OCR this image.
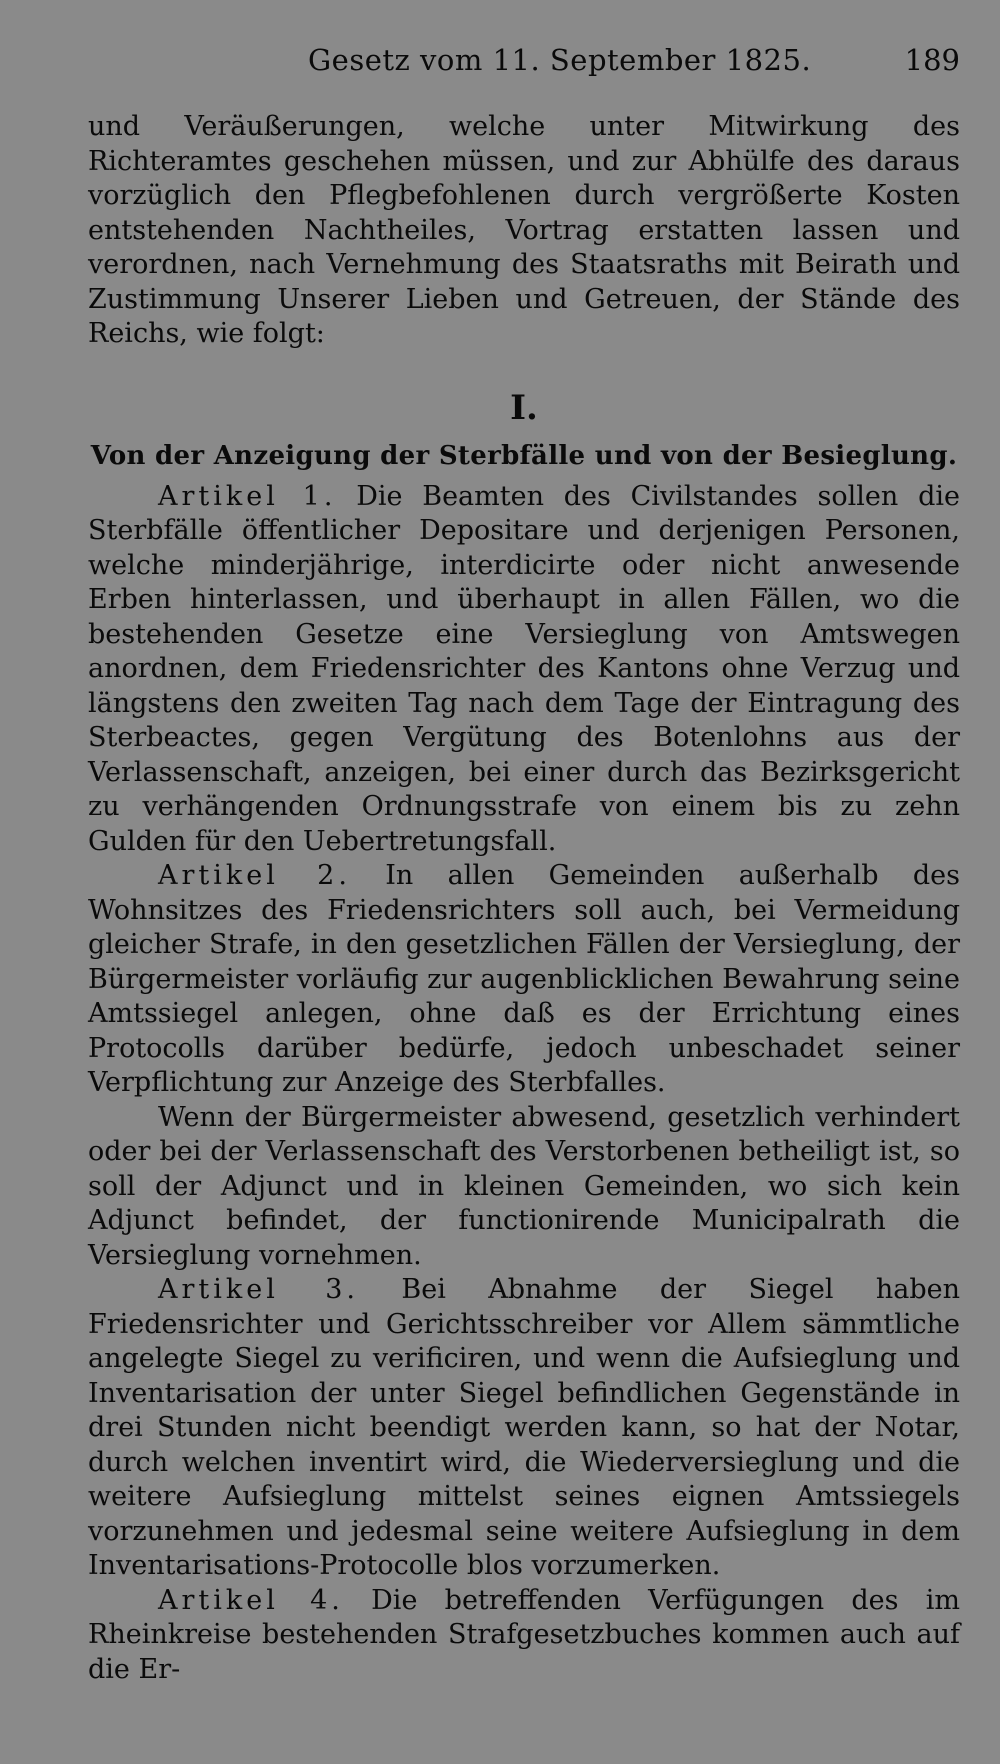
Gesetz vom 11. September 1825.	189

und Veräußerungen, welche unter Mitwirkung des Richteramtes geschehen müssen, und zur Abhülfe des daraus vorzüglich den Pflegbefohlenen durch vergrößerte Kosten entstehenden Nachtheiles, Vortrag erstatten lassen und verordnen, nach Vernehmung des Staatsraths mit Beirath und Zustimmung Unserer Lieben und Getreuen, der Stände des Reichs, wie folgt:

I.
Von der Anzeigung der Sterbfälle und von der Besieglung.

Artikel 1. Die Beamten des Civilstandes sollen die Sterbfälle öffentlicher Depositare und derjenigen Personen, welche minderjährige, interdicirte oder nicht anwesende Erben hinterlassen, und überhaupt in allen Fällen, wo die bestehenden Gesetze eine Versieglung von Amtswegen anordnen, dem Friedensrichter des Kantons ohne Verzug und längstens den zweiten Tag nach dem Tage der Eintragung des Sterbeactes, gegen Vergütung des Botenlohns aus der Verlassenschaft, anzeigen, bei einer durch das Bezirksgericht zu verhängenden Ordnungsstrafe von einem bis zu zehn Gulden für den Uebertretungsfall.

Artikel 2. In allen Gemeinden außerhalb des Wohnsitzes des Friedensrichters soll auch, bei Vermeidung gleicher Strafe, in den gesetzlichen Fällen der Versieglung, der Bürgermeister vorläufig zur augenblicklichen Bewahrung seine Amtssiegel anlegen, ohne daß es der Errichtung eines Protocolls darüber bedürfe, jedoch unbeschadet seiner Verpflichtung zur Anzeige des Sterbfalles.

Wenn der Bürgermeister abwesend, gesetzlich verhindert oder bei der Verlassenschaft des Verstorbenen betheiligt ist, so soll der Adjunct und in kleinen Gemeinden, wo sich kein Adjunct befindet, der functionirende Municipalrath die Versieglung vornehmen.

Artikel 3. Bei Abnahme der Siegel haben Friedensrichter und Gerichtsschreiber vor Allem sämmtliche angelegte Siegel zu verificiren, und wenn die Aufsieglung und Inventarisation der unter Siegel befindlichen Gegenstände in drei Stunden nicht beendigt werden kann, so hat der Notar, durch welchen inventirt wird, die Wiederversieglung und die weitere Aufsieglung mittelst seines eignen Amtssiegels vorzunehmen und jedesmal seine weitere Aufsieglung in dem Inventarisations-Protocolle blos vorzumerken.

Artikel 4. Die betreffenden Verfügungen des im Rheinkreise bestehenden Strafgesetzbuches kommen auch auf die Er-
